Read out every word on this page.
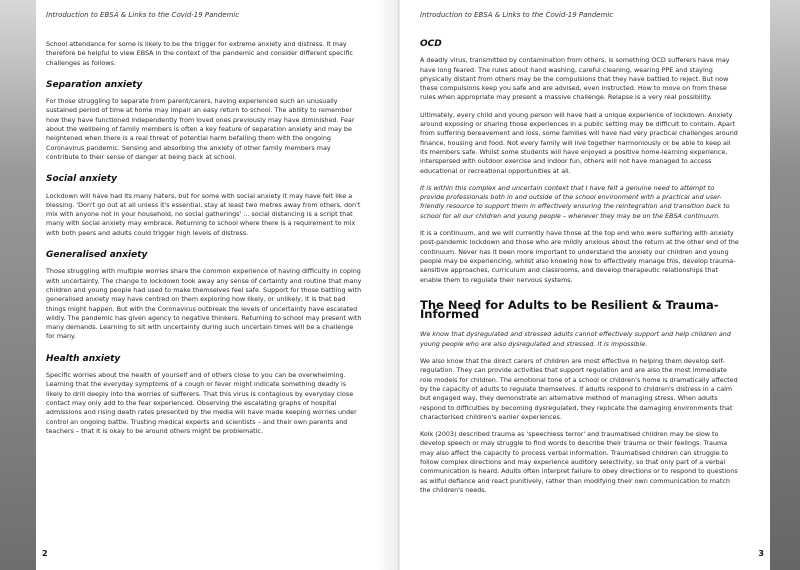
Introduction to EBSA & Links to the Covid-19 Pandemic

School attendance for some is likely to be the trigger for extreme anxiety and distress. It may therefore be helpful to view EBSA in the context of the pandemic and consider different specific challenges as follows:

Separation anxiety

For those struggling to separate from parent/carers, having experienced such an unusually sustained period of time at home may impair an easy return to school. The ability to remember how they have functioned independently from loved ones previously may have diminished. Fear about the wellbeing of family members is often a key feature of separation anxiety and may be heightened when there is a real threat of potential harm befalling them with the ongoing Coronavirus pandemic. Sensing and absorbing the anxiety of other family members may contribute to their sense of danger at being back at school.

Social anxiety

Lockdown will have had its many haters, but for some with social anxiety it may have felt like a blessing. 'Don't go out at all unless it's essential, stay at least two metres away from others, don't mix with anyone not in your household, no social gatherings' ... social distancing is a script that many with social anxiety may embrace. Returning to school where there is a requirement to mix with both peers and adults could trigger high levels of distress.

Generalised anxiety

Those struggling with multiple worries share the common experience of having difficulty in coping with uncertainty. The change to lockdown took away any sense of certainty and routine that many children and young people had used to make themselves feel safe. Support for those battling with generalised anxiety may have centred on them exploring how likely, or unlikely, it is that bad things might happen. But with the Coronavirus outbreak the levels of uncertainty have escalated wildly. The pandemic has given agency to negative thinkers. Returning to school may present with many demands. Learning to sit with uncertainty during such uncertain times will be a challenge for many.

Health anxiety

Specific worries about the health of yourself and of others close to you can be overwhelming. Learning that the everyday symptoms of a cough or fever might indicate something deadly is likely to drill deeply into the worries of sufferers. That this virus is contagious by everyday close contact may only add to the fear experienced. Observing the escalating graphs of hospital admissions and rising death rates presented by the media will have made keeping worries under control an ongoing battle. Trusting medical experts and scientists – and their own parents and teachers – that it is okay to be around others might be problematic.

2
Introduction to EBSA & Links to the Covid-19 Pandemic
OCD

A deadly virus, transmitted by contamination from others, is something OCD sufferers have may have long feared. The rules about hand washing, careful cleaning, wearing PPE and staying physically distant from others may be the compulsions that they have battled to reject. But now these compulsions keep you safe and are advised, even instructed. How to move on from these rules when appropriate may present a massive challenge. Relapse is a very real possibility.

Ultimately, every child and young person will have had a unique experience of lockdown. Anxiety around exposing or sharing those experiences in a public setting may be difficult to contain. Apart from suffering bereavement and loss, some families will have had very practical challenges around finance, housing and food. Not every family will live together harmoniously or be able to keep all its members safe. Whilst some students will have enjoyed a positive home-learning experience, interspersed with outdoor exercise and indoor fun, others will not have managed to access educational or recreational opportunities at all.

It is within this complex and uncertain context that I have felt a genuine need to attempt to provide professionals both in and outside of the school environment with a practical and user-friendly resource to support them in effectively ensuring the reintegration and transition back to school for all our children and young people – wherever they may be on the EBSA continuum.

It is a continuum, and we will currently have those at the top end who were suffering with anxiety post-pandemic lockdown and those who are mildly anxious about the return at the other end of the continuum. Never has it been more important to understand the anxiety our children and young people may be experiencing, whilst also knowing how to effectively manage this, develop trauma-sensitive approaches, curriculum and classrooms, and develop therapeutic relationships that enable them to regulate their nervous systems.

The Need for Adults to be Resilient & Trauma-Informed

We know that dysregulated and stressed adults cannot effectively support and help children and young people who are also dysregulated and stressed. It is impossible.

We also know that the direct carers of children are most effective in helping them develop self-regulation. They can provide activities that support regulation and are also the most immediate role models for children. The emotional tone of a school or children's home is dramatically affected by the capacity of adults to regulate themselves. If adults respond to children's distress in a calm but engaged way, they demonstrate an alternative method of managing stress. When adults respond to difficulties by becoming dysregulated, they replicate the damaging environments that characterised children's earlier experiences.

Kolk (2003) described trauma as 'speechless terror' and traumatised children may be slow to develop speech or may struggle to find words to describe their trauma or their feelings. Trauma may also affect the capacity to process verbal information. Traumatised children can struggle to follow complex directions and may experience auditory selectivity, so that only part of a verbal communication is heard. Adults often interpret failure to obey directions or to respond to questions as wilful defiance and react punitively, rather than modifying their own communication to match the children's needs.

3
